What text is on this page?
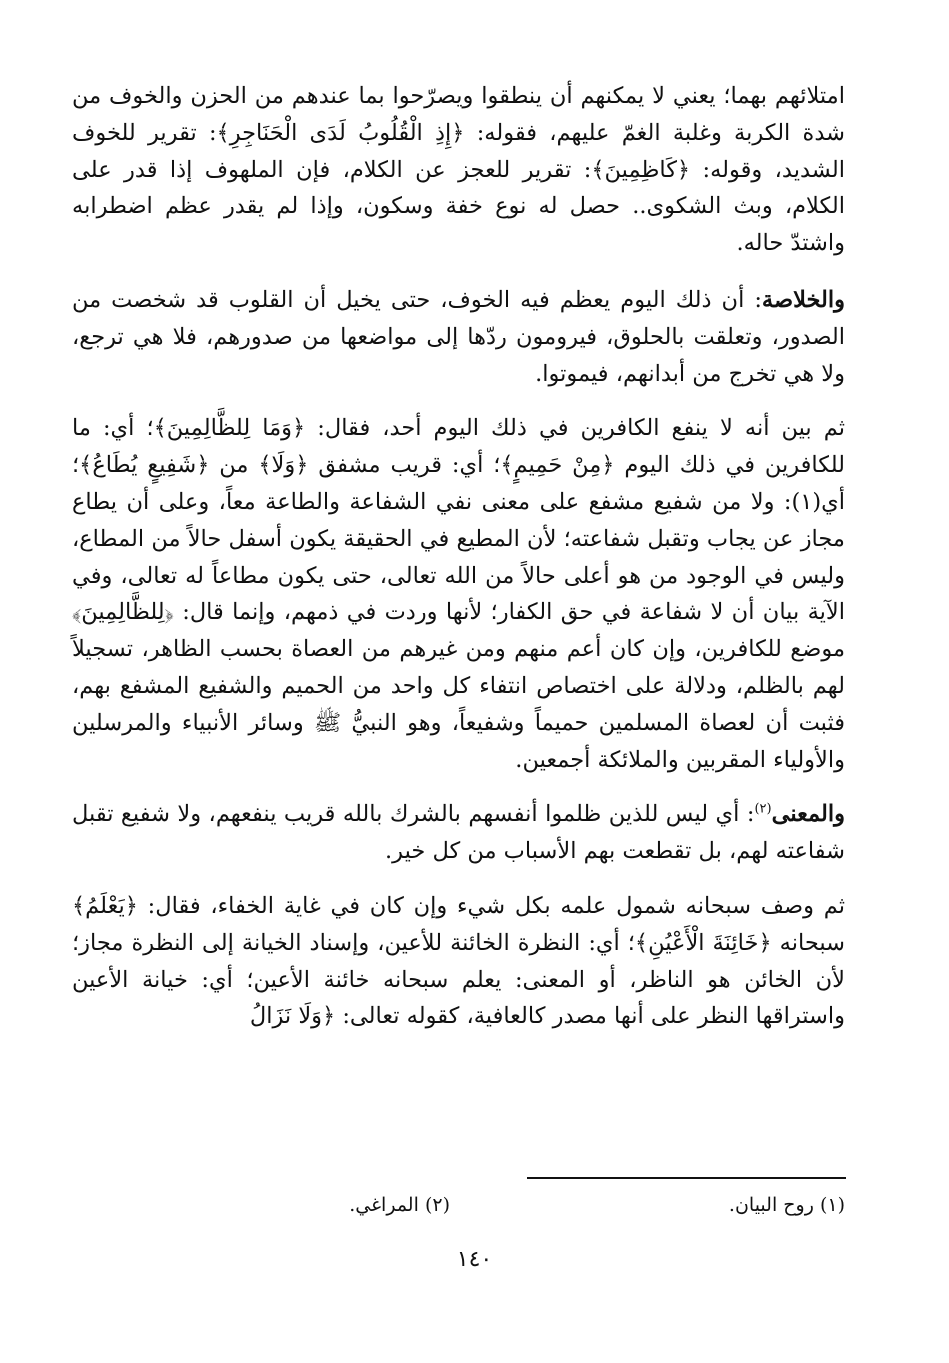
امتلائهم بهما؛ يعني لا يمكنهم أن ينطقوا ويصرّحوا بما عندهم من الحزن والخوف من شدة الكربة وغلبة الغمّ عليهم، فقوله: ﴿إِذِ الْقُلُوبُ لَدَى الْحَنَاجِرِ﴾: تقرير للخوف الشديد، وقوله: ﴿كَاظِمِينَ﴾: تقرير للعجز عن الكلام، فإن الملهوف إذا قدر على الكلام، وبث الشكوى.. حصل له نوع خفة وسكون، وإذا لم يقدر عظم اضطرابه واشتدّ حاله.

والخلاصة: أن ذلك اليوم يعظم فيه الخوف، حتى يخيل أن القلوب قد شخصت من الصدور، وتعلقت بالحلوق، فيرومون ردّها إلى مواضعها من صدورهم، فلا هي ترجع، ولا هي تخرج من أبدانهم، فيموتوا.

ثم بين أنه لا ينفع الكافرين في ذلك اليوم أحد، فقال: ﴿وَمَا لِلظَّالِمِينَ﴾؛ أي: ما للكافرين في ذلك اليوم ﴿مِنْ حَمِيمٍ﴾؛ أي: قريب مشفق ﴿وَلَا﴾ من ﴿شَفِيعٍ يُطَاعُ﴾؛ أي(١): ولا من شفيع مشفع على معنى نفي الشفاعة والطاعة معاً، وعلى أن يطاع مجاز عن يجاب وتقبل شفاعته؛ لأن المطيع في الحقيقة يكون أسفل حالاً من المطاع، وليس في الوجود من هو أعلى حالاً من الله تعالى، حتى يكون مطاعاً له تعالى، وفي الآية بيان أن لا شفاعة في حق الكفار؛ لأنها وردت في ذمهم، وإنما قال: ﴿لِلظَّالِمِينَ﴾ موضع للكافرين، وإن كان أعم منهم ومن غيرهم من العصاة بحسب الظاهر، تسجيلاً لهم بالظلم، ودلالة على اختصاص انتفاء كل واحد من الحميم والشفيع المشفع بهم، فثبت أن لعصاة المسلمين حميماً وشفيعاً، وهو النبيُّ ﷺ وسائر الأنبياء والمرسلين والأولياء المقربين والملائكة أجمعين.

والمعنى$^{(٢)}$: أي ليس للذين ظلموا أنفسهم بالشرك بالله قريب ينفعهم، ولا شفيع تقبل شفاعته لهم، بل تقطعت بهم الأسباب من كل خير.

ثم وصف سبحانه شمول علمه بكل شيء وإن كان في غاية الخفاء، فقال: ﴿يَعْلَمُ﴾ سبحانه ﴿خَائِنَةَ الْأَعْيُنِ﴾؛ أي: النظرة الخائنة للأعين، وإسناد الخيانة إلى النظرة مجاز؛ لأن الخائن هو الناظر، أو المعنى: يعلم سبحانه خائنة الأعين؛ أي: خيانة الأعين واستراقها النظر على أنها مصدر كالعافية، كقوله تعالى: ﴿وَلَا نَزَالُ

(١) روح البيان.
(٢) المراغي.
١٤٠
